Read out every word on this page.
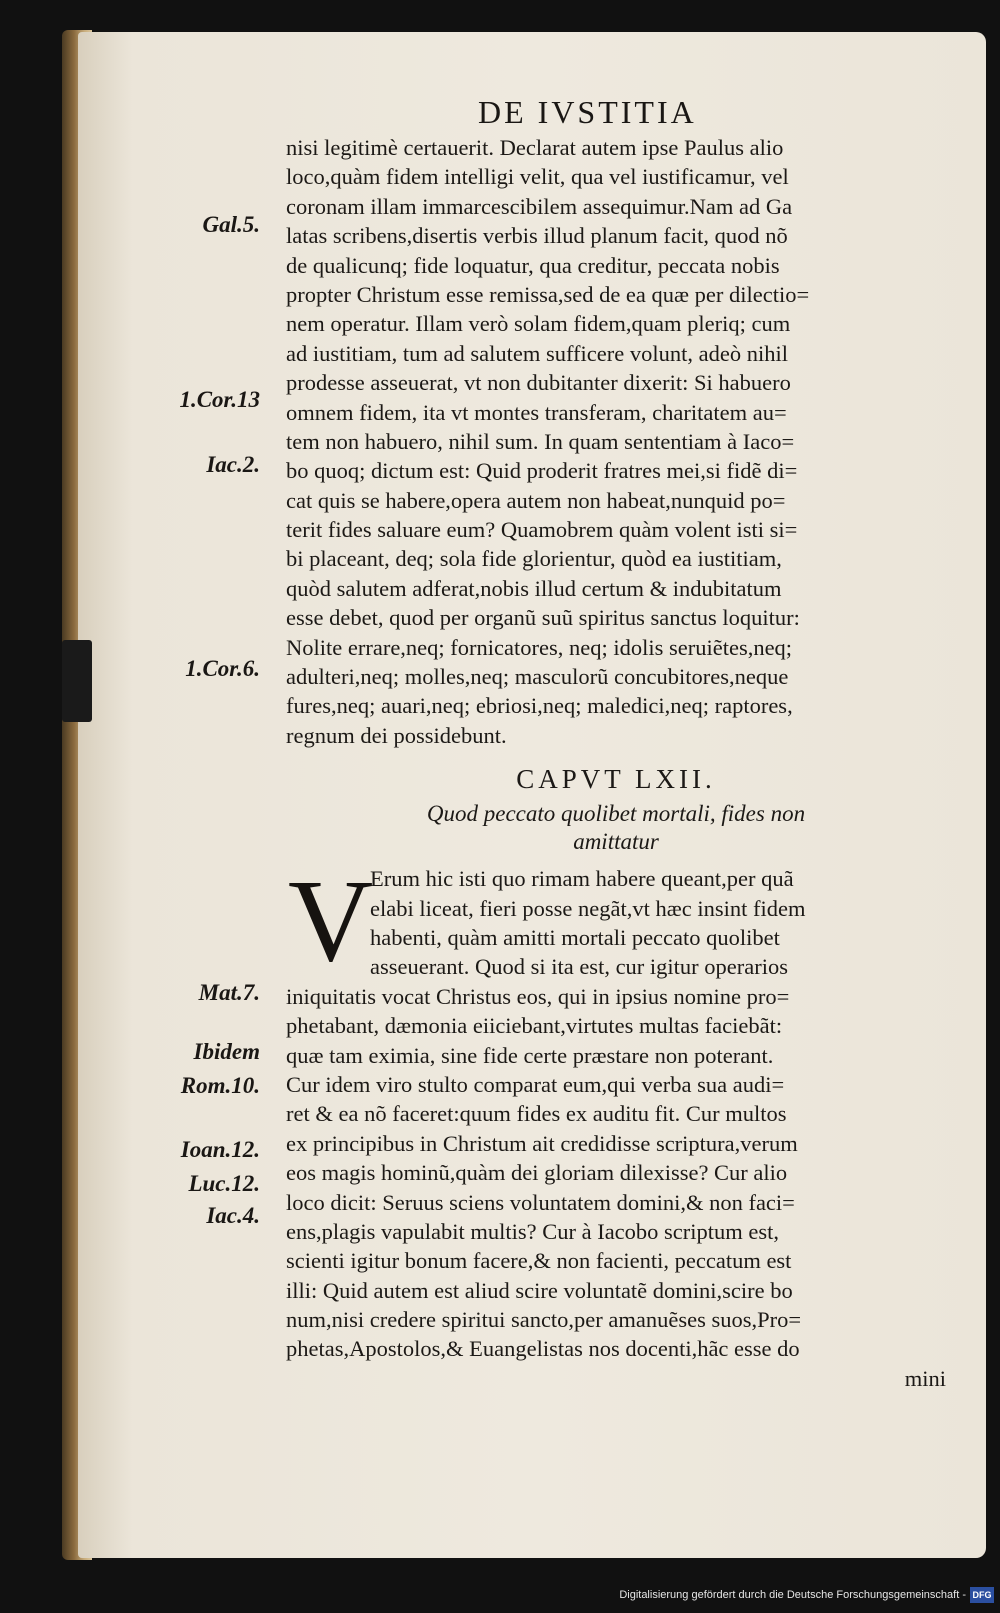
DE IVSTITIA
nisi legitimè certauerit. Declarat autem ipse Paulus alio
loco,quàm fidem intelligi velit, qua vel iustificamur, vel
coronam illam immarcescibilem assequimur.Nam ad Ga
latas scribens,disertis verbis illud planum facit, quod nõ
de qualicunq; fide loquatur, qua creditur, peccata nobis
propter Christum esse remissa,sed de ea quæ per dilectio=
nem operatur. Illam verò solam fidem,quam pleriq; cum
ad iustitiam, tum ad salutem sufficere volunt, adeò nihil
prodesse asseuerat, vt non dubitanter dixerit: Si habuero
omnem fidem, ita vt montes transferam, charitatem au=
tem non habuero, nihil sum. In quam sententiam à Iaco=
bo quoq; dictum est: Quid proderit fratres mei,si fidẽ di=
cat quis se habere,opera autem non habeat,nunquid po=
terit fides saluare eum? Quamobrem quàm volent isti si=
bi placeant, deq; sola fide glorientur, quòd ea iustitiam,
quòd salutem adferat,nobis illud certum & indubitatum
esse debet, quod per organũ suũ spiritus sanctus loquitur:
Nolite errare,neq; fornicatores, neq; idolis seruiẽtes,neq;
adulteri,neq; molles,neq; masculorũ concubitores,neque
fures,neq; auari,neq; ebriosi,neq; maledici,neq; raptores,
regnum dei possidebunt.
CAPVT LXII.
Quod peccato quolibet mortali, fides non
amittatur
Erum hic isti quo rimam habere queant,per quã
elabi liceat, fieri posse negãt,vt hæc insint fidem
habenti, quàm amitti mortali peccato quolibet
asseuerant. Quod si ita est, cur igitur operarios
iniquitatis vocat Christus eos, qui in ipsius nomine pro=
phetabant, dæmonia eiiciebant,virtutes multas faciebãt:
quæ tam eximia, sine fide certe præstare non poterant.
Cur idem viro stulto comparat eum,qui verba sua audi=
ret & ea nõ faceret:quum fides ex auditu fit. Cur multos
ex principibus in Christum ait credidisse scriptura,verum
eos magis hominũ,quàm dei gloriam dilexisse? Cur alio
loco dicit: Seruus sciens voluntatem domini,& non faci=
ens,plagis vapulabit multis? Cur à Iacobo scriptum est,
scienti igitur bonum facere,& non facienti, peccatum est
illi: Quid autem est aliud scire voluntatẽ domini,scire bo
num,nisi credere spiritui sancto,per amanuẽses suos,Pro=
phetas,Apostolos,& Euangelistas nos docenti,hãc esse do
mini
V
Gal.5.
1.Cor.13
Iac.2.
1.Cor.6.
Mat.7.
Ibidem
Rom.10.
Ioan.12.
Luc.12.
Iac.4.
Digitalisierung gefördert durch die Deutsche Forschungsgemeinschaft - DFG
